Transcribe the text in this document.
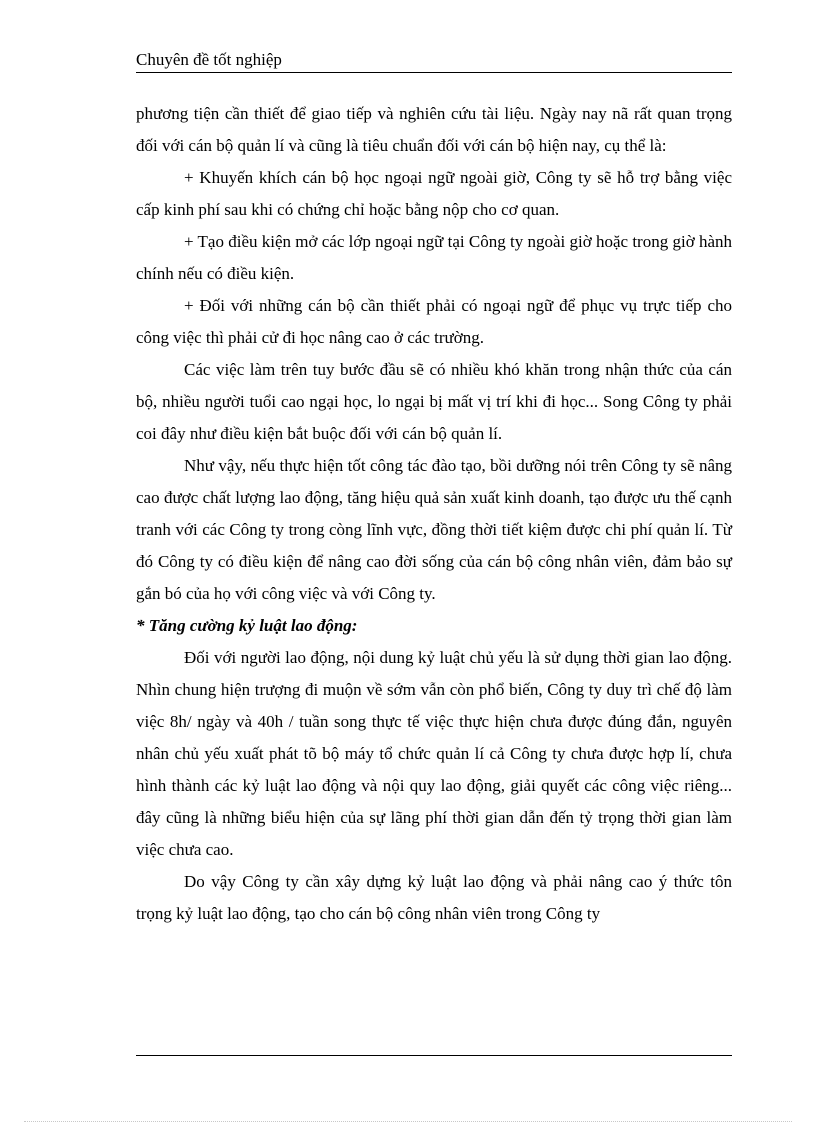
Chuyên đề tốt nghiệp

phương tiện cần thiết để giao tiếp và nghiên cứu tài liệu. Ngày nay nã rất quan trọng đối với cán bộ quản lí và cũng là tiêu chuẩn đối với cán bộ hiện nay, cụ thể là:

+ Khuyến khích cán bộ học ngoại ngữ ngoài giờ, Công ty sẽ hỗ trợ bằng việc cấp kinh phí sau khi có chứng chỉ hoặc bằng nộp cho cơ quan.

+ Tạo điều kiện mở các lớp ngoại ngữ tại Công ty ngoài giờ hoặc trong giờ hành chính nếu có điều kiện.

+ Đối với những cán bộ cần thiết phải có ngoại ngữ để phục vụ trực tiếp cho công việc thì phải cử đi học nâng cao ở các trường.

Các việc làm trên tuy bước đầu sẽ có nhiều khó khăn trong nhận thức của cán bộ, nhiều người tuổi cao ngại học, lo ngại bị mất vị trí khi đi học... Song Công ty phải coi đây như điều kiện bắt buộc đối với cán bộ quản lí.

Như vậy, nếu thực hiện tốt công tác đào tạo, bồi dưỡng nói trên Công ty sẽ nâng cao được chất lượng lao động, tăng hiệu quả sản xuất kinh doanh, tạo được ưu thế cạnh tranh với các Công ty trong còng lĩnh vực, đồng thời tiết kiệm được chi phí quản lí. Từ đó Công ty có điều kiện để nâng cao đời sống của cán bộ công nhân viên, đảm bảo sự gắn bó của họ với công việc và với Công ty.

* Tăng cường kỷ luật lao động:

Đối với người lao động, nội dung kỷ luật chủ yếu là sử dụng thời gian lao động. Nhìn chung hiện trượng đi muộn về sớm vẫn còn phổ biến, Công ty duy trì chế độ làm việc 8h/ ngày và 40h / tuần song thực tế việc thực hiện chưa được đúng đắn, nguyên nhân chủ yếu xuất phát tõ bộ máy tổ chức quản lí cả Công ty chưa được hợp lí, chưa hình thành các kỷ luật lao động và nội quy lao động, giải quyết các công việc riêng... đây cũng là những biểu hiện của sự lãng phí thời gian dẫn đến tỷ trọng thời gian làm việc chưa cao.

Do vậy Công ty cần xây dựng kỷ luật lao động và phải nâng cao ý thức tôn trọng kỷ luật lao động, tạo cho cán bộ công nhân viên trong Công ty
